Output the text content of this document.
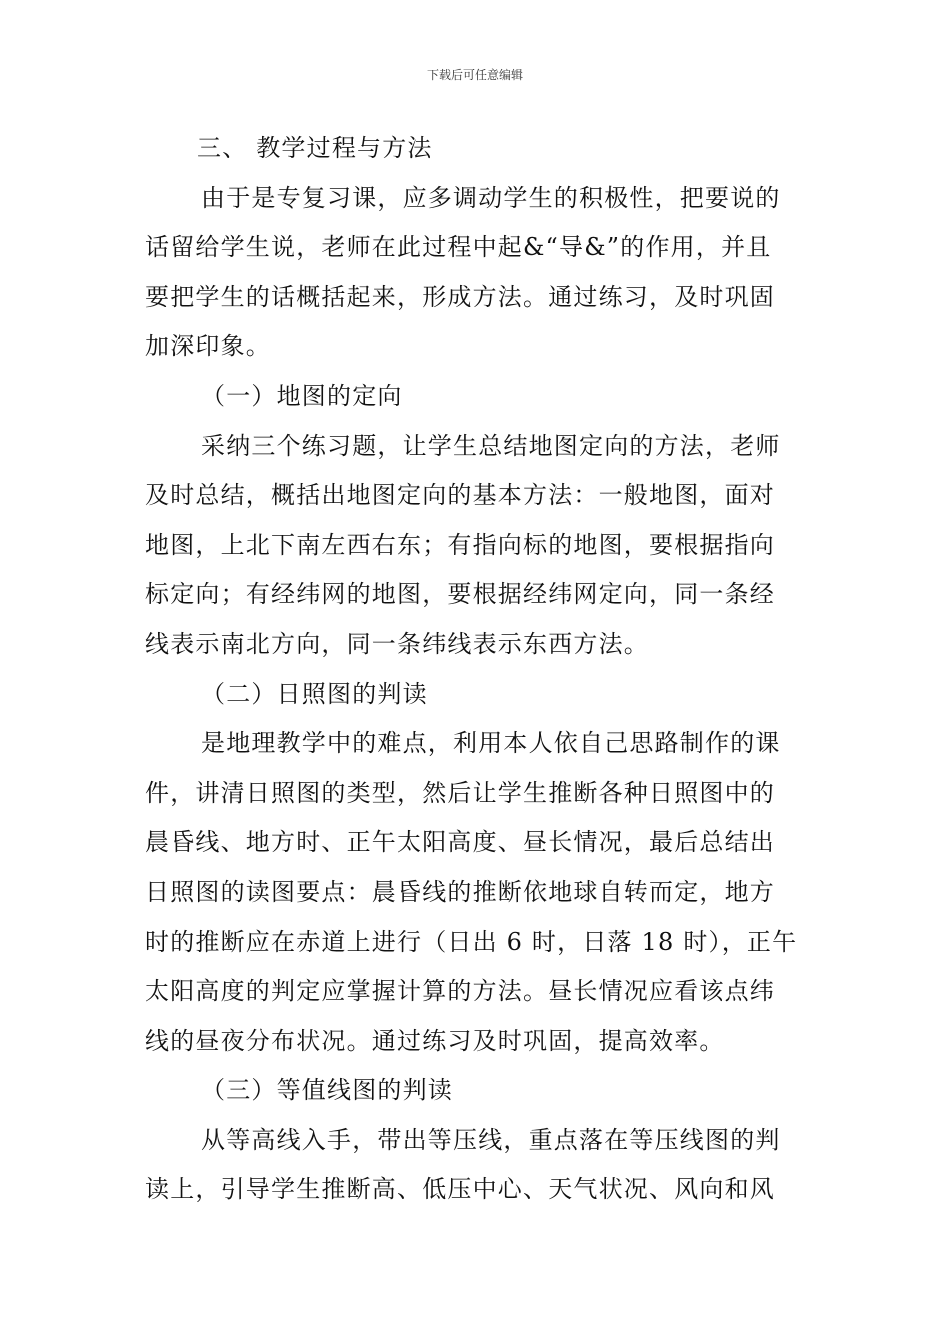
下载后可任意编辑
三、 教学过程与方法
由于是专复习课，应多调动学生的积极性，把要说的
话留给学生说，老师在此过程中起&“导&”的作用，并且
要把学生的话概括起来，形成方法。通过练习，及时巩固
加深印象。
（一）地图的定向
采纳三个练习题，让学生总结地图定向的方法，老师
及时总结，概括出地图定向的基本方法：一般地图，面对
地图，上北下南左西右东；有指向标的地图，要根据指向
标定向；有经纬网的地图，要根据经纬网定向，同一条经
线表示南北方向，同一条纬线表示东西方法。
（二）日照图的判读
是地理教学中的难点，利用本人依自己思路制作的课
件，讲清日照图的类型，然后让学生推断各种日照图中的
晨昏线、地方时、正午太阳高度、昼长情况，最后总结出
日照图的读图要点：晨昏线的推断依地球自转而定，地方
时的推断应在赤道上进行（日出 6 时，日落 18 时），正午
太阳高度的判定应掌握计算的方法。昼长情况应看该点纬
线的昼夜分布状况。通过练习及时巩固，提高效率。
（三）等值线图的判读
从等高线入手，带出等压线，重点落在等压线图的判
读上，引导学生推断高、低压中心、天气状况、风向和风
